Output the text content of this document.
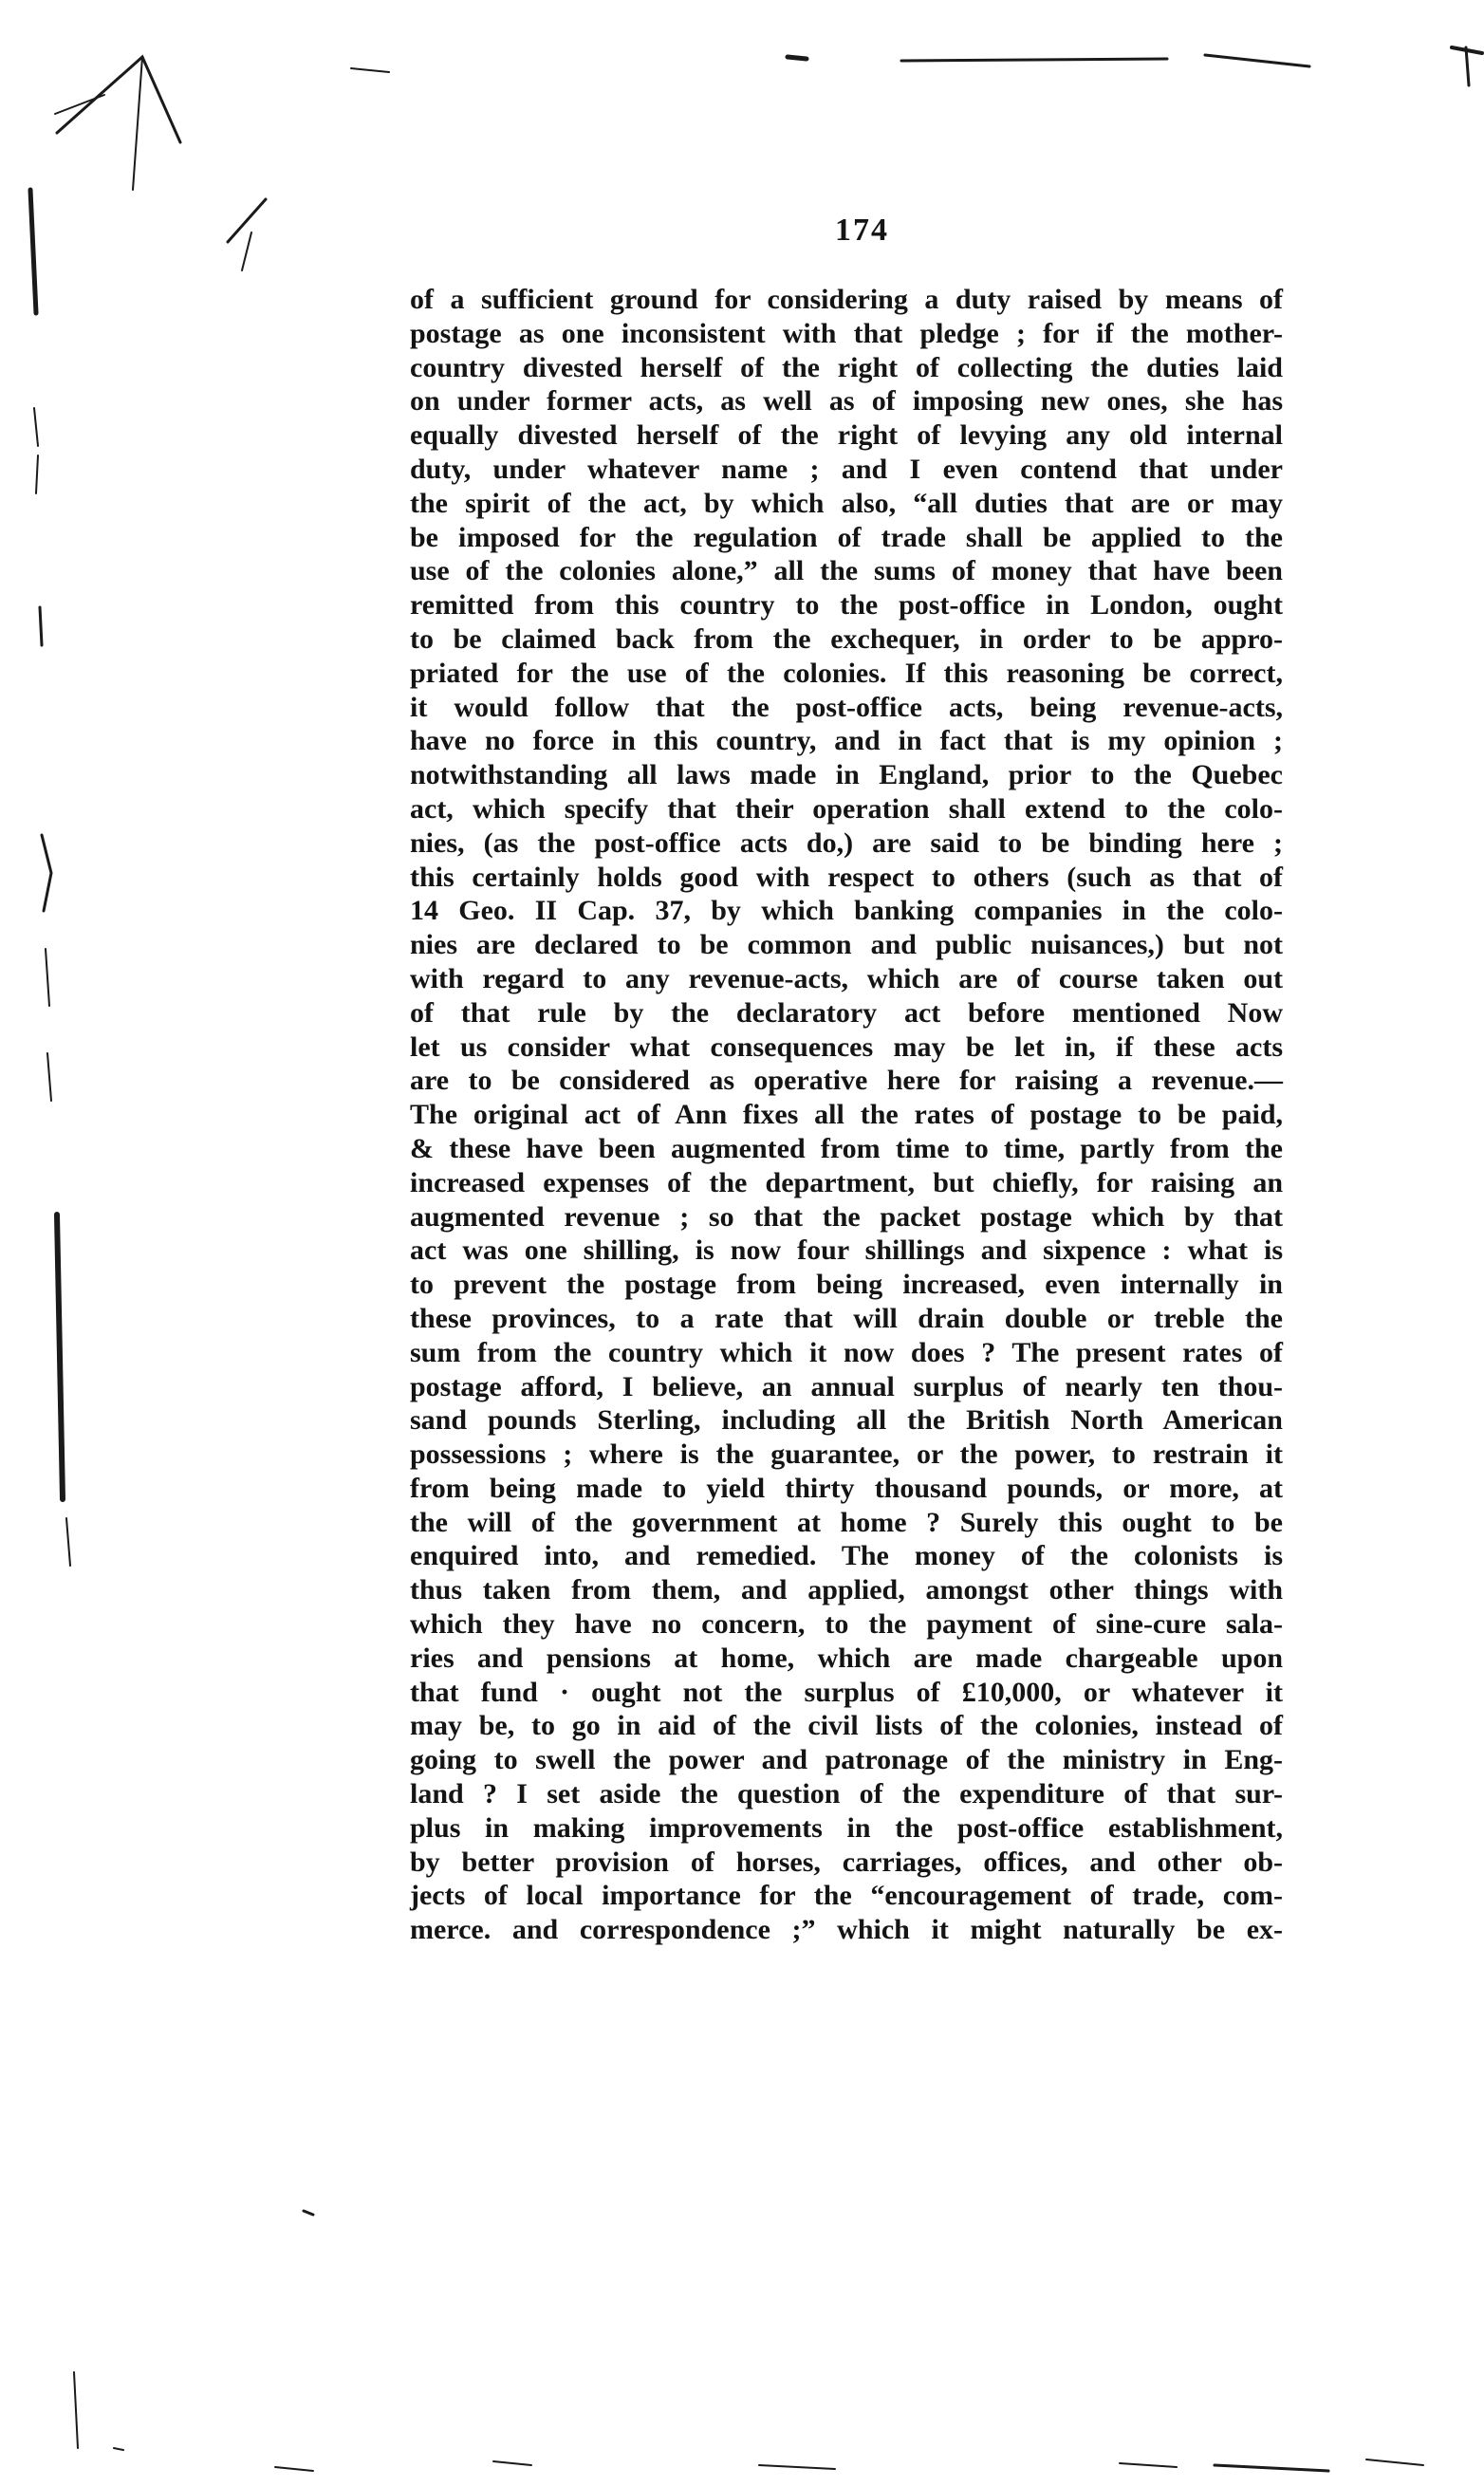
174
of a sufficient ground for considering a duty raised by means of
postage as one inconsistent with that pledge ; for if the mother-
country divested herself of the right of collecting the duties laid
on under former acts, as well as of imposing new ones, she has
equally divested herself of the right of levying any old internal
duty, under whatever name ; and I even contend that under
the spirit of the act, by which also, “all duties that are or may
be imposed for the regulation of trade shall be applied to the
use of the colonies alone,” all the sums of money that have been
remitted from this country to the post-office in London, ought
to be claimed back from the exchequer, in order to be appro-
priated for the use of the colonies. If this reasoning be correct,
it would follow that the post-office acts, being revenue-acts,
have no force in this country, and in fact that is my opinion ;
notwithstanding all laws made in England, prior to the Quebec
act, which specify that their operation shall extend to the colo-
nies, (as the post-office acts do,) are said to be binding here ;
this certainly holds good with respect to others (such as that of
14 Geo. II Cap. 37, by which banking companies in the colo-
nies are declared to be common and public nuisances,) but not
with regard to any revenue-acts, which are of course taken out
of that rule by the declaratory act before mentioned Now
let us consider what consequences may be let in, if these acts
are to be considered as operative here for raising a revenue.—
The original act of Ann fixes all the rates of postage to be paid,
& these have been augmented from time to time, partly from the
increased expenses of the department, but chiefly, for raising an
augmented revenue ; so that the packet postage which by that
act was one shilling, is now four shillings and sixpence : what is
to prevent the postage from being increased, even internally in
these provinces, to a rate that will drain double or treble the
sum from the country which it now does ? The present rates of
postage afford, I believe, an annual surplus of nearly ten thou-
sand pounds Sterling, including all the British North American
possessions ; where is the guarantee, or the power, to restrain it
from being made to yield thirty thousand pounds, or more, at
the will of the government at home ? Surely this ought to be
enquired into, and remedied. The money of the colonists is
thus taken from them, and applied, amongst other things with
which they have no concern, to the payment of sine-cure sala-
ries and pensions at home, which are made chargeable upon
that fund · ought not the surplus of £10,000, or whatever it
may be, to go in aid of the civil lists of the colonies, instead of
going to swell the power and patronage of the ministry in Eng-
land ? I set aside the question of the expenditure of that sur-
plus in making improvements in the post-office establishment,
by better provision of horses, carriages, offices, and other ob-
jects of local importance for the “encouragement of trade, com-
merce. and correspondence ;” which it might naturally be ex-
